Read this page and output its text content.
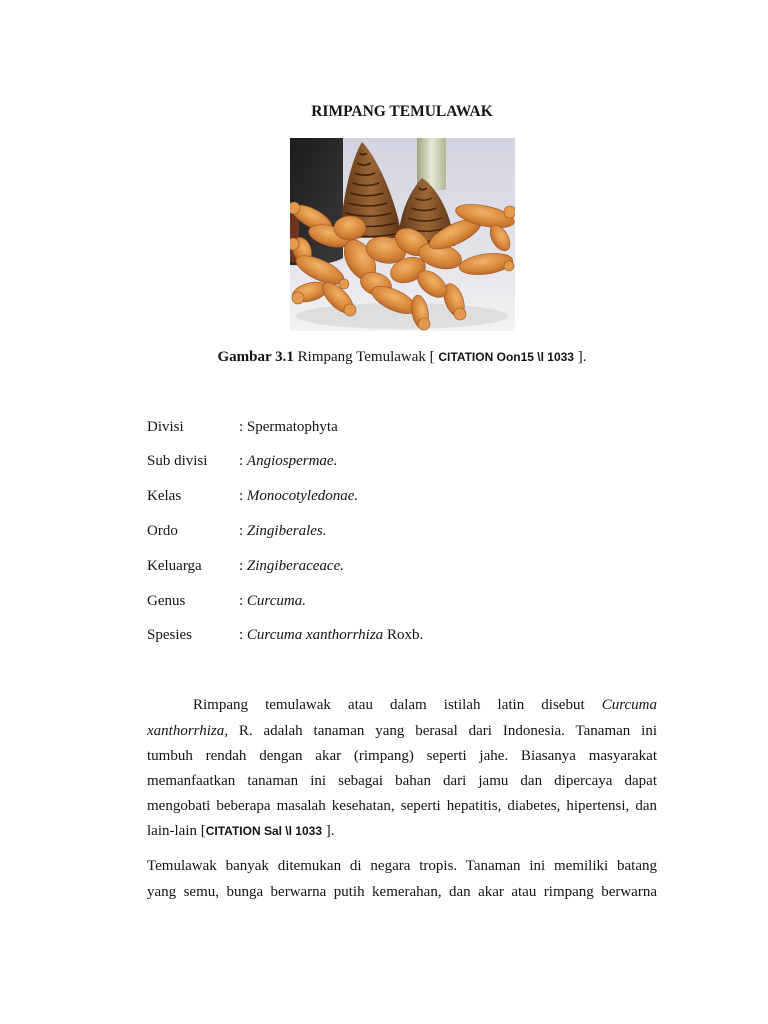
RIMPANG TEMULAWAK
Gambar 3.1 Rimpang Temulawak [ CITATION Oon15 \l 1033 ].
Divisi	: Spermatophyta
Sub divisi : Angiospermae.
Kelas	: Monocotyledonae.
Ordo	: Zingiberales.
Keluarga : Zingiberaceace.
Genus	: Curcuma.
Spesies	: Curcuma xanthorrhiza Roxb.
Rimpang temulawak atau dalam istilah latin disebut Curcuma
xanthorrhiza, R. adalah tanaman yang berasal dari Indonesia. Tanaman ini
tumbuh rendah dengan akar (rimpang) seperti jahe. Biasanya masyarakat
memanfaatkan tanaman ini sebagai bahan dari jamu dan dipercaya dapat
mengobati beberapa masalah kesehatan, seperti hepatitis, diabetes, hipertensi, dan
lain-lain [CITATION Sal \l 1033 ].
Temulawak banyak ditemukan di negara tropis. Tanaman ini memiliki batang
yang semu, bunga berwarna putih kemerahan, dan akar atau rimpang berwarna
